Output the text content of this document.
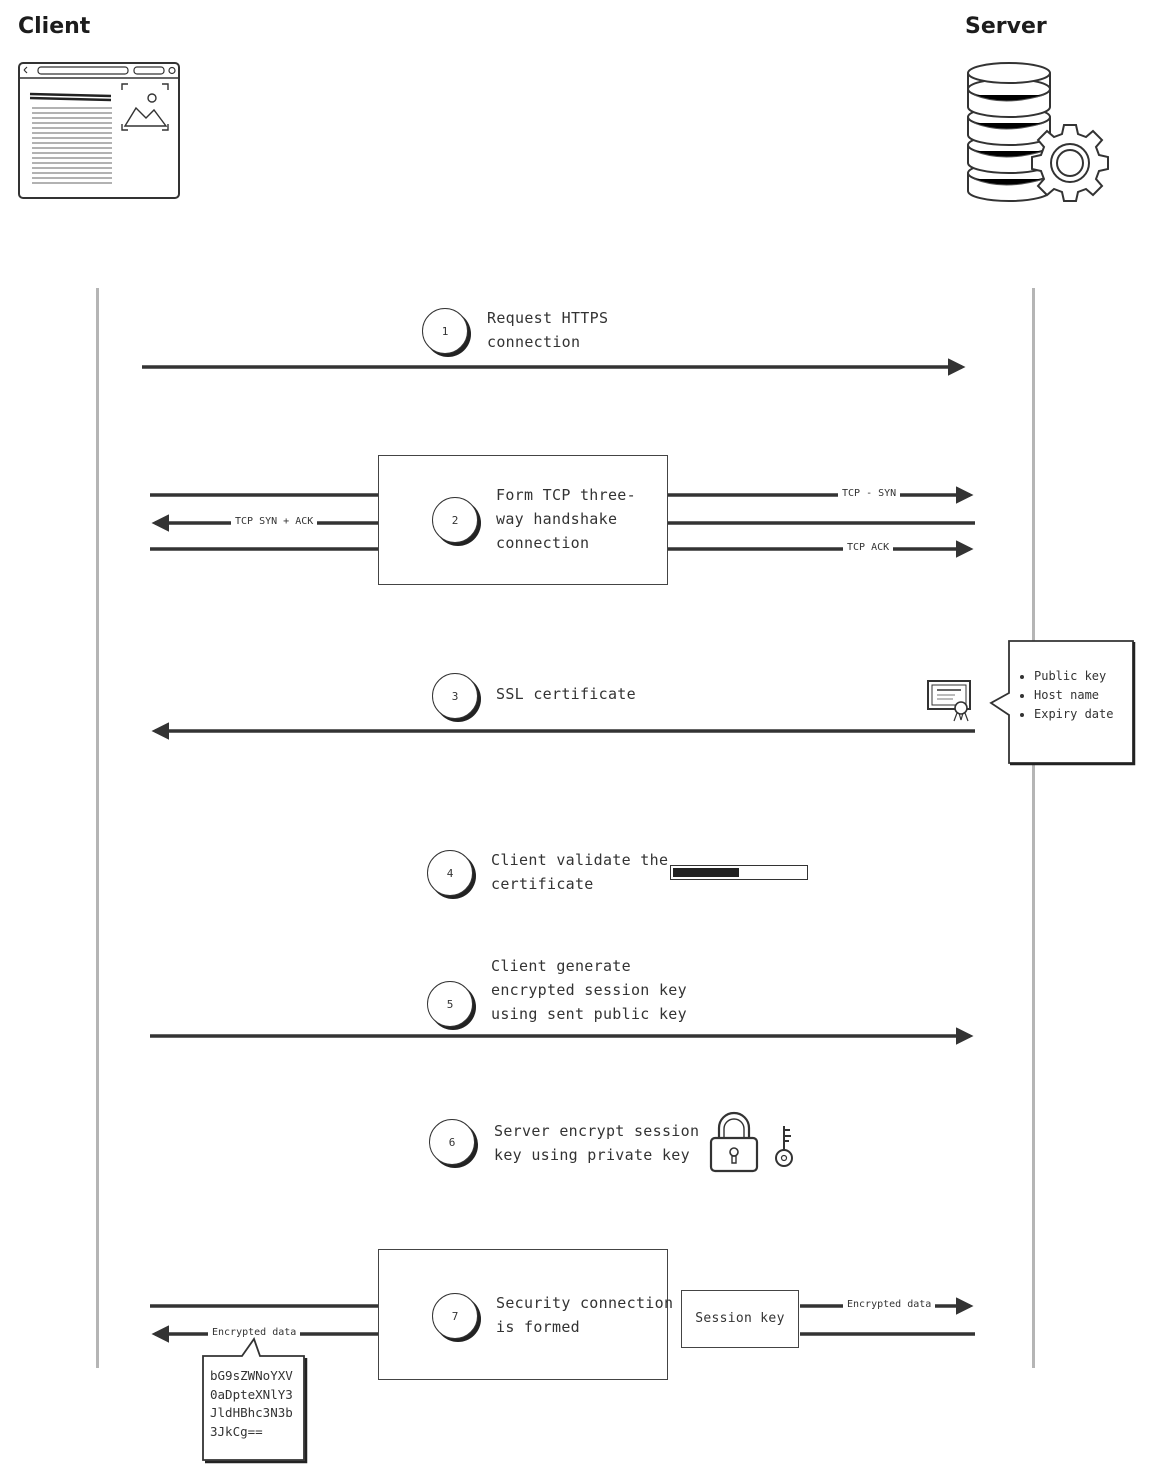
Client	Server
1
Request HTTPS
connection
2
Form TCP three-
way handshake
connection
TCP - SYN
TCP SYN + ACK
TCP ACK
3	SSL certificate
• Public key
• Host name
• Expiry date
4
Client validate the
certificate
5
Client generate
encrypted session key
using sent public key
6
Server encrypt session
key using private key
7
Security connection
is formed	Session key
Encrypted data
Encrypted data
bG9sZWNoYXV
0aDpteXNlY3
JldHBhc3N3b
3JkCg==
